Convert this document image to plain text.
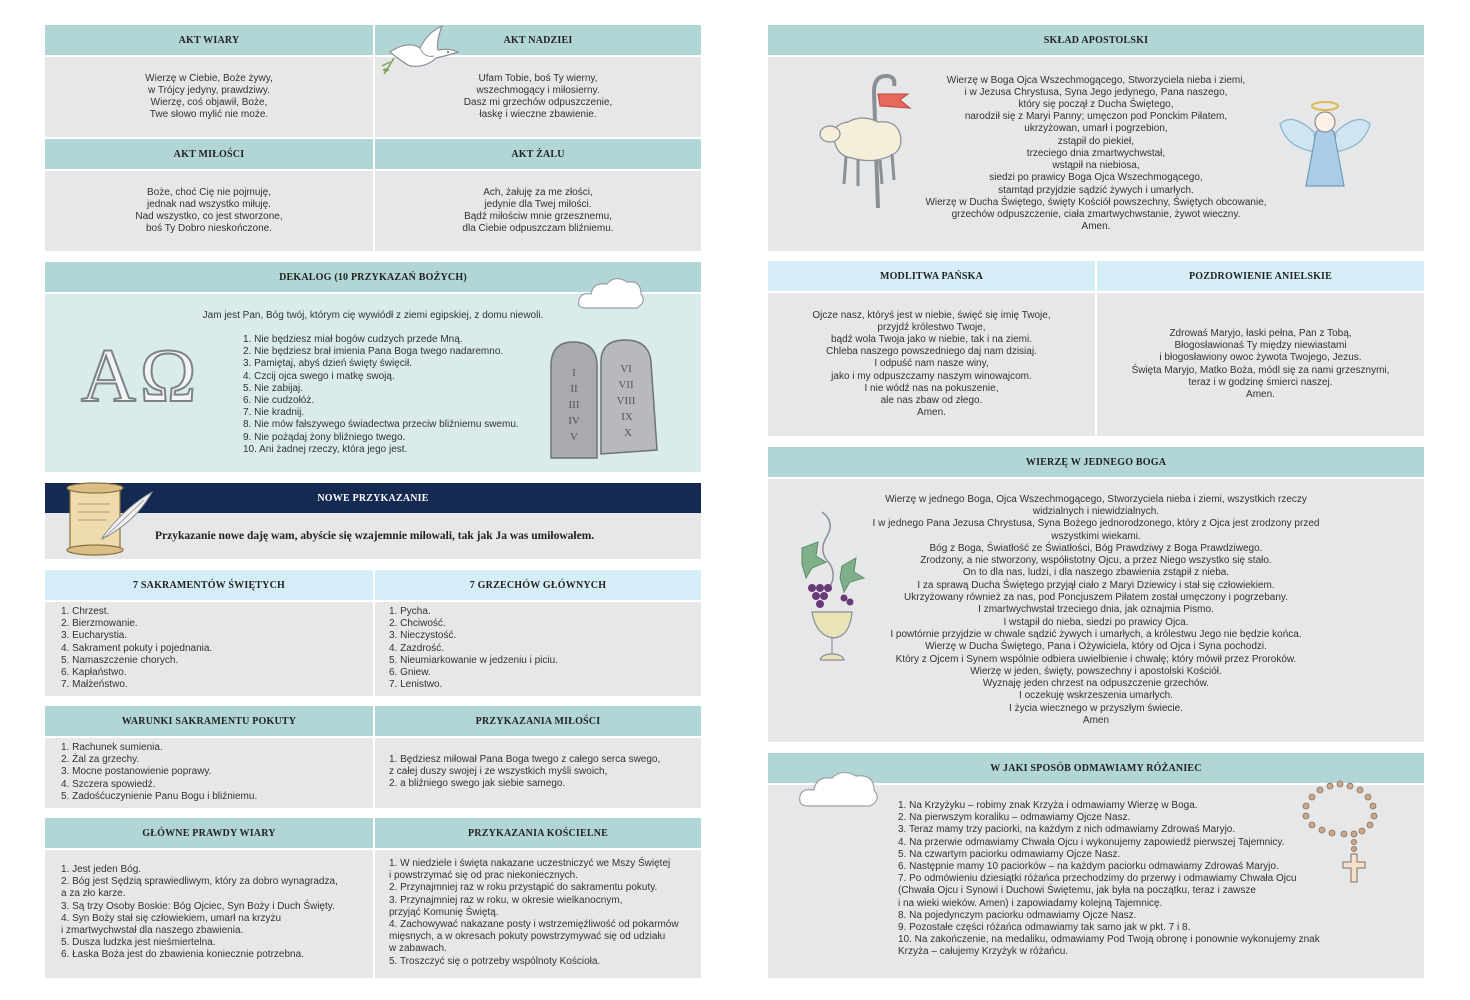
AKT WIARY
Wierzę w Ciebie, Boże żywy,
w Trójcy jedyny, prawdziwy.
Wierzę, coś objawił, Boże,
Twe słowo mylić nie może.
AKT NADZIEI
Ufam Tobie, boś Ty wierny,
wszechmogący i miłosierny.
Dasz mi grzechów odpuszczenie,
łaskę i wieczne zbawienie.
AKT MIŁOŚCI
Boże, choć Cię nie pojmuję,
jednak nad wszystko miłuję.
Nad wszystko, co jest stworzone,
boś Ty Dobro nieskończone.
AKT ŻALU
Ach, żałuję za me złości,
jedynie dla Twej miłości.
Bądź miłościw mnie grzesznemu,
dla Ciebie odpuszczam bliźniemu.
DEKALOG (10 PRZYKAZAŃ BOŻYCH)
Jam jest Pan, Bóg twój, którym cię wywiódł z ziemi egipskiej, z domu niewoli.
1. Nie będziesz miał bogów cudzych przede Mną.
2. Nie będziesz brał imienia Pana Boga twego nadaremno.
3. Pamiętaj, abyś dzień święty święcił.
4. Czcij ojca swego i matkę swoją.
5. Nie zabijaj.
6. Nie cudzołóż.
7. Nie kradnij.
8. Nie mów fałszywego świadectwa przeciw bliźniemu swemu.
9. Nie pożądaj żony bliźniego twego.
10. Ani żadnej rzeczy, która jego jest.
AΩ	I
II
III
IV
V
VI
VII
VIII
IX
X
NOWE PRZYKAZANIE
Przykazanie nowe daję wam, abyście się wzajemnie miłowali, tak jak Ja was umiłowałem.
7 SAKRAMENTÓW ŚWIĘTYCH
1. Chrzest.
2. Bierzmowanie.
3. Eucharystia.
4. Sakrament pokuty i pojednania.
5. Namaszczenie chorych.
6. Kapłaństwo.
7. Małżeństwo.
7 GRZECHÓW GŁÓWNYCH
1. Pycha.
2. Chciwość.
3. Nieczystość.
4. Zazdrość.
5. Nieumiarkowanie w jedzeniu i piciu.
6. Gniew.
7. Lenistwo.
WARUNKI SAKRAMENTU POKUTY
1. Rachunek sumienia.
2. Żal za grzechy.
3. Mocne postanowienie poprawy.
4. Szczera spowiedź.
5. Zadośćuczynienie Panu Bogu i bliźniemu.
PRZYKAZANIA MIŁOŚCI
1. Będziesz miłował Pana Boga twego z całego serca swego,
z całej duszy swojej i ze wszystkich myśli swoich,
2. a bliźniego swego jak siebie samego.
GŁÓWNE PRAWDY WIARY
1. Jest jeden Bóg.
2. Bóg jest Sędzią sprawiedliwym, który za dobro wynagradza,
a za zło karze.
3. Są trzy Osoby Boskie: Bóg Ojciec, Syn Boży i Duch Święty.
4. Syn Boży stał się człowiekiem, umarł na krzyżu
i zmartwychwstał dla naszego zbawienia.
5. Dusza ludzka jest nieśmiertelna.
6. Łaska Boża jest do zbawienia koniecznie potrzebna.
PRZYKAZANIA KOŚCIELNE
1. W niedziele i święta nakazane uczestniczyć we Mszy Świętej
i powstrzymać się od prac niekoniecznych.
2. Przynajmniej raz w roku przystąpić do sakramentu pokuty.
3. Przynajmniej raz w roku, w okresie wielkanocnym,
przyjąć Komunię Świętą.
4. Zachowywać nakazane posty i wstrzemięźliwość od pokarmów
mięsnych, a w okresach pokuty powstrzymywać się od udziału
w zabawach.
5. Troszczyć się o potrzeby wspólnoty Kościoła.
SKŁAD APOSTOLSKI
Wierzę w Boga Ojca Wszechmogącego, Stworzyciela nieba i ziemi,
i w Jezusa Chrystusa, Syna Jego jedynego, Pana naszego,
który się począł z Ducha Świętego,
narodził się z Maryi Panny; umęczon pod Ponckim Piłatem,
ukrzyżowan, umarł i pogrzebion,
zstąpił do piekieł,
trzeciego dnia zmartwychwstał,
wstąpił na niebiosa,
siedzi po prawicy Boga Ojca Wszechmogącego,
stamtąd przyjdzie sądzić żywych i umarłych.
Wierzę w Ducha Świętego, święty Kościół powszechny, Świętych obcowanie,
grzechów odpuszczenie, ciała zmartwychwstanie, żywot wieczny.
Amen.
MODLITWA PAŃSKA
Ojcze nasz, któryś jest w niebie, święć się imię Twoje,
przyjdź królestwo Twoje,
bądź wola Twoja jako w niebie, tak i na ziemi.
Chleba naszego powszedniego daj nam dzisiaj.
I odpuść nam nasze winy,
jako i my odpuszczamy naszym winowajcom.
I nie wódź nas na pokuszenie,
ale nas zbaw od złego.
Amen.
POZDROWIENIE ANIELSKIE
Zdrowaś Maryjo, łaski pełna, Pan z Tobą,
Błogosławionaś Ty między niewiastami
i błogosławiony owoc żywota Twojego, Jezus.
Święta Maryjo, Matko Boża, módl się za nami grzesznymi,
teraz i w godzinę śmierci naszej.
Amen.
WIERZĘ W JEDNEGO BOGA
Wierzę w jednego Boga, Ojca Wszechmogącego, Stworzyciela nieba i ziemi, wszystkich rzeczy
widzialnych i niewidzialnych.
I w jednego Pana Jezusa Chrystusa, Syna Bożego jednorodzonego, który z Ojca jest zrodzony przed
wszystkimi wiekami.
Bóg z Boga, Światłość ze Światłości, Bóg Prawdziwy z Boga Prawdziwego.
Zrodzony, a nie stworzony, współistotny Ojcu, a przez Niego wszystko się stało.
On to dla nas, ludzi, i dla naszego zbawienia zstąpił z nieba.
I za sprawą Ducha Świętego przyjął ciało z Maryi Dziewicy i stał się człowiekiem.
Ukrzyżowany również za nas, pod Poncjuszem Piłatem został umęczony i pogrzebany.
I zmartwychwstał trzeciego dnia, jak oznajmia Pismo.
I wstąpił do nieba, siedzi po prawicy Ojca.
I powtórnie przyjdzie w chwale sądzić żywych i umarłych, a królestwu Jego nie będzie końca.
Wierzę w Ducha Świętego, Pana i Ożywiciela, który od Ojca i Syna pochodzi.
Który z Ojcem i Synem wspólnie odbiera uwielbienie i chwałę; który mówił przez Proroków.
Wierzę w jeden, święty, powszechny i apostolski Kościół.
Wyznaję jeden chrzest na odpuszczenie grzechów.
I oczekuję wskrzeszenia umarłych.
I życia wiecznego w przyszłym świecie.
Amen
W JAKI SPOSÓB ODMAWIAMY RÓŻANIEC
1. Na Krzyżyku – robimy znak Krzyża i odmawiamy Wierzę w Boga.
2. Na pierwszym koraliku – odmawiamy Ojcze Nasz.
3. Teraz mamy trzy paciorki, na każdym z nich odmawiamy Zdrowaś Maryjo.
4. Na przerwie odmawiamy Chwała Ojcu i wykonujemy zapowiedź pierwszej Tajemnicy.
5. Na czwartym paciorku odmawiamy Ojcze Nasz.
6. Następnie mamy 10 paciorków – na każdym paciorku odmawiamy Zdrowaś Maryjo.
7. Po odmówieniu dziesiątki różańca przechodzimy do przerwy i odmawiamy Chwała Ojcu
(Chwała Ojcu i Synowi i Duchowi Świętemu, jak była na początku, teraz i zawsze
i na wieki wieków. Amen) i zapowiadamy kolejną Tajemnicę.
8. Na pojedynczym paciorku odmawiamy Ojcze Nasz.
9. Pozostałe części różańca odmawiamy tak samo jak w pkt. 7 i 8.
10. Na zakończenie, na medaliku, odmawiamy Pod Twoją obronę i ponownie wykonujemy znak
Krzyża – całujemy Krzyżyk w różańcu.
